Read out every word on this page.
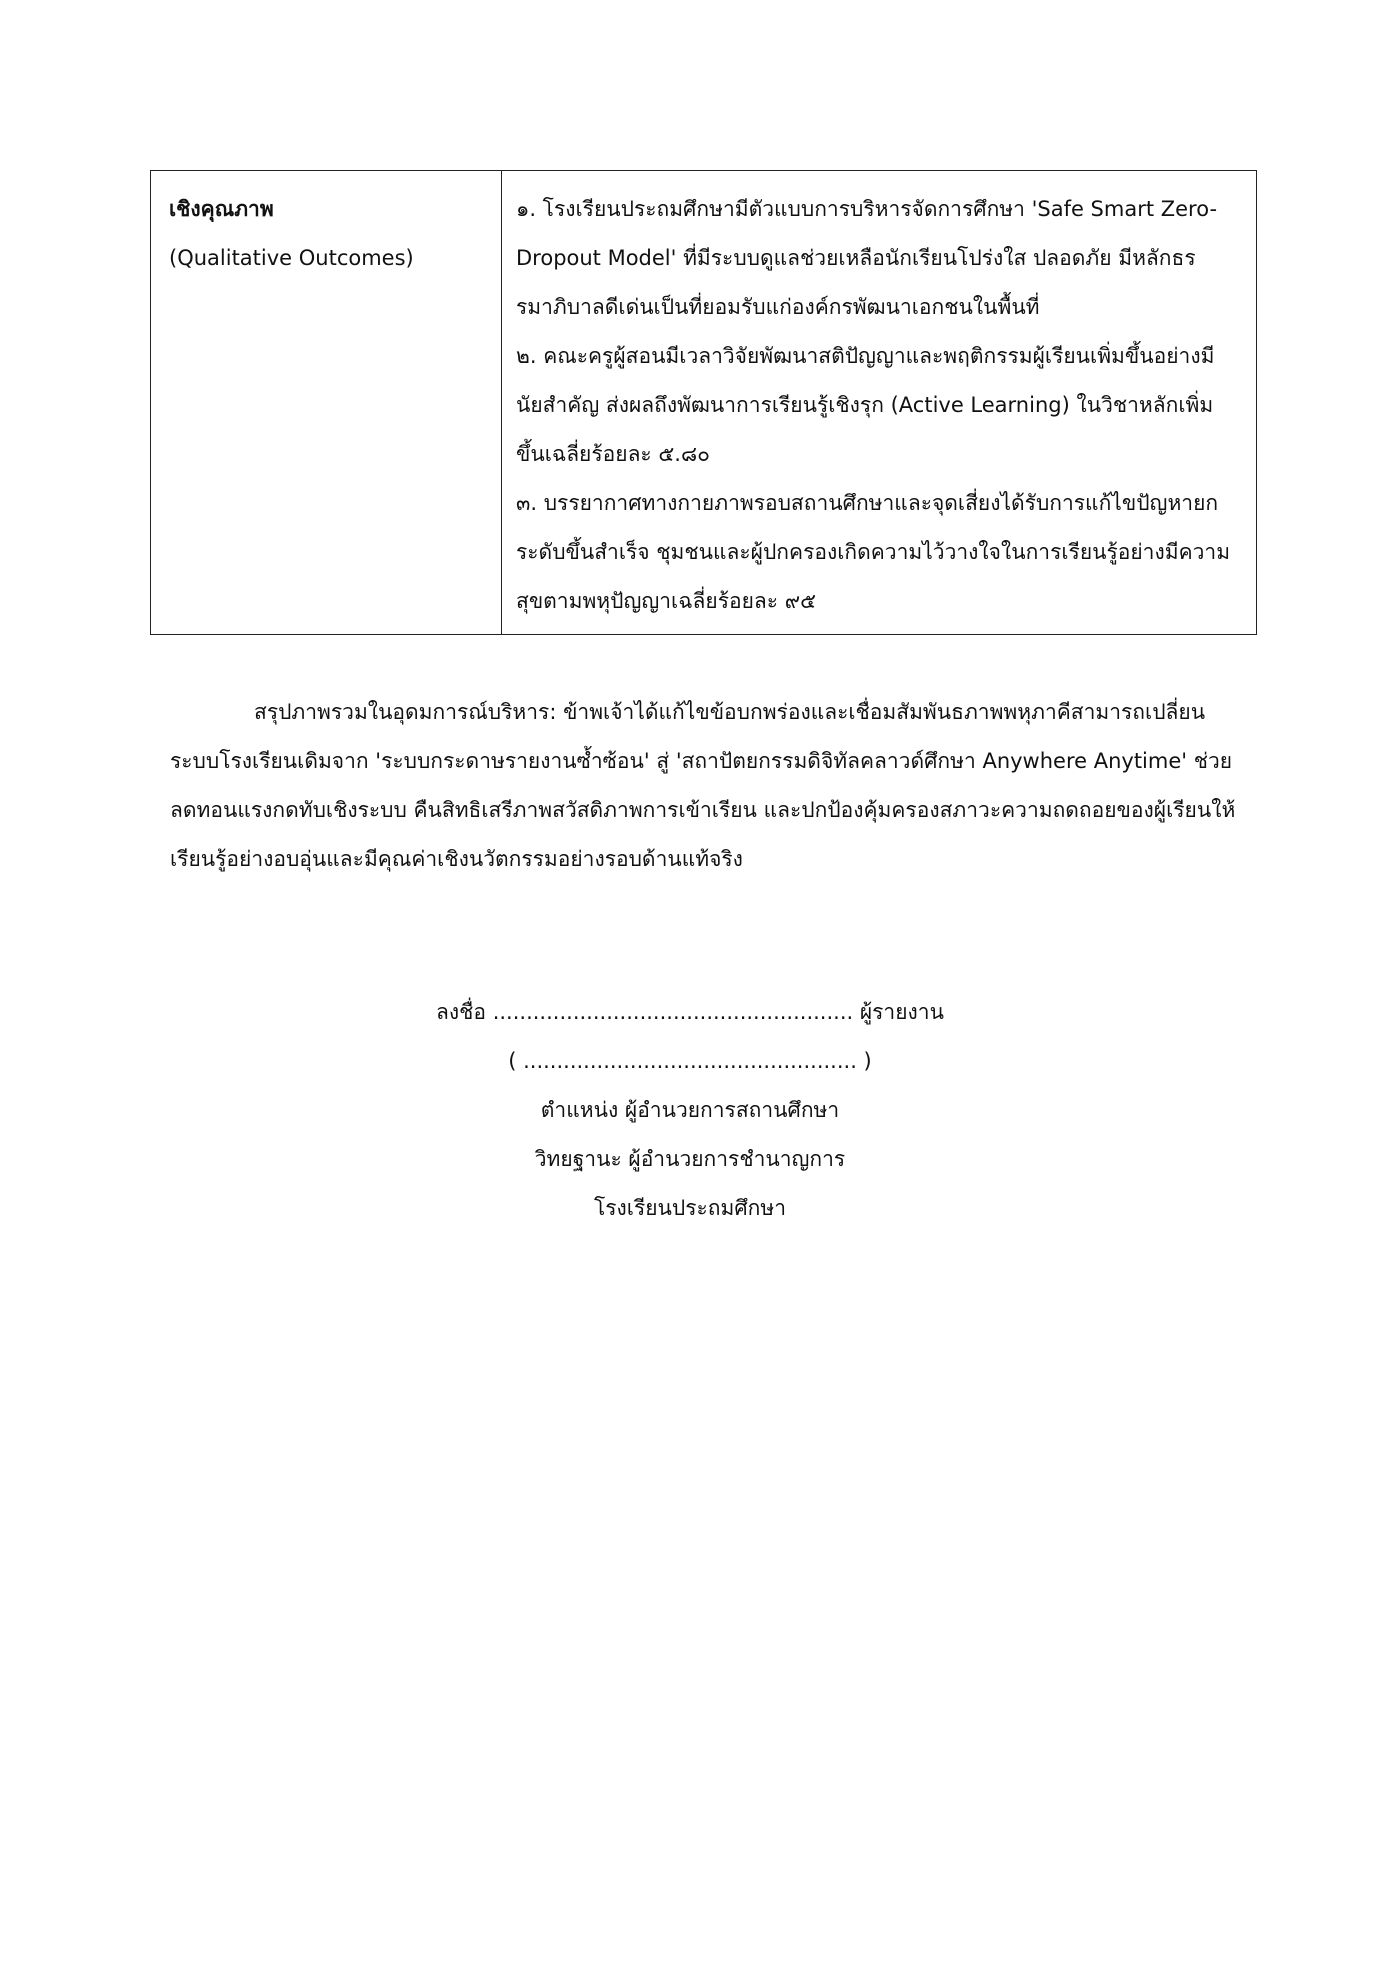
เชิงคุณภาพ
(Qualitative Outcomes)

๑. โรงเรียนประถมศึกษามีตัวแบบการบริหารจัดการศึกษา 'Safe Smart Zero-Dropout Model' ที่มีระบบดูแลช่วยเหลือนักเรียนโปร่งใส ปลอดภัย มีหลักธรรมาภิบาลดีเด่นเป็นที่ยอมรับแก่องค์กรพัฒนาเอกชนในพื้นที่

๒. คณะครูผู้สอนมีเวลาวิจัยพัฒนาสติปัญญาและพฤติกรรมผู้เรียนเพิ่มขึ้นอย่างมีนัยสำคัญ ส่งผลถึงพัฒนาการเรียนรู้เชิงรุก (Active Learning) ในวิชาหลักเพิ่มขึ้นเฉลี่ยร้อยละ ๕.๘๐

๓. บรรยากาศทางกายภาพรอบสถานศึกษาและจุดเสี่ยงได้รับการแก้ไขปัญหายกระดับขึ้นสำเร็จ ชุมชนและผู้ปกครองเกิดความไว้วางใจในการเรียนรู้อย่างมีความสุขตามพหุปัญญาเฉลี่ยร้อยละ ๙๕

สรุปภาพรวมในอุดมการณ์บริหาร: ข้าพเจ้าได้แก้ไขข้อบกพร่องและเชื่อมสัมพันธภาพพหุภาคีสามารถเปลี่ยนระบบโรงเรียนเดิมจาก 'ระบบกระดาษรายงานซ้ำซ้อน' สู่ 'สถาปัตยกรรมดิจิทัลคลาวด์ศึกษา Anywhere Anytime' ช่วยลดทอนแรงกดทับเชิงระบบ คืนสิทธิเสรีภาพสวัสดิภาพการเข้าเรียน และปกป้องคุ้มครองสภาวะความถดถอยของผู้เรียนให้เรียนรู้อย่างอบอุ่นและมีคุณค่าเชิงนวัตกรรมอย่างรอบด้านแท้จริง

ลงชื่อ ...................................................... ผู้รายงาน
( .................................................. )
ตำแหน่ง ผู้อำนวยการสถานศึกษา
วิทยฐานะ ผู้อำนวยการชำนาญการ
โรงเรียนประถมศึกษา
